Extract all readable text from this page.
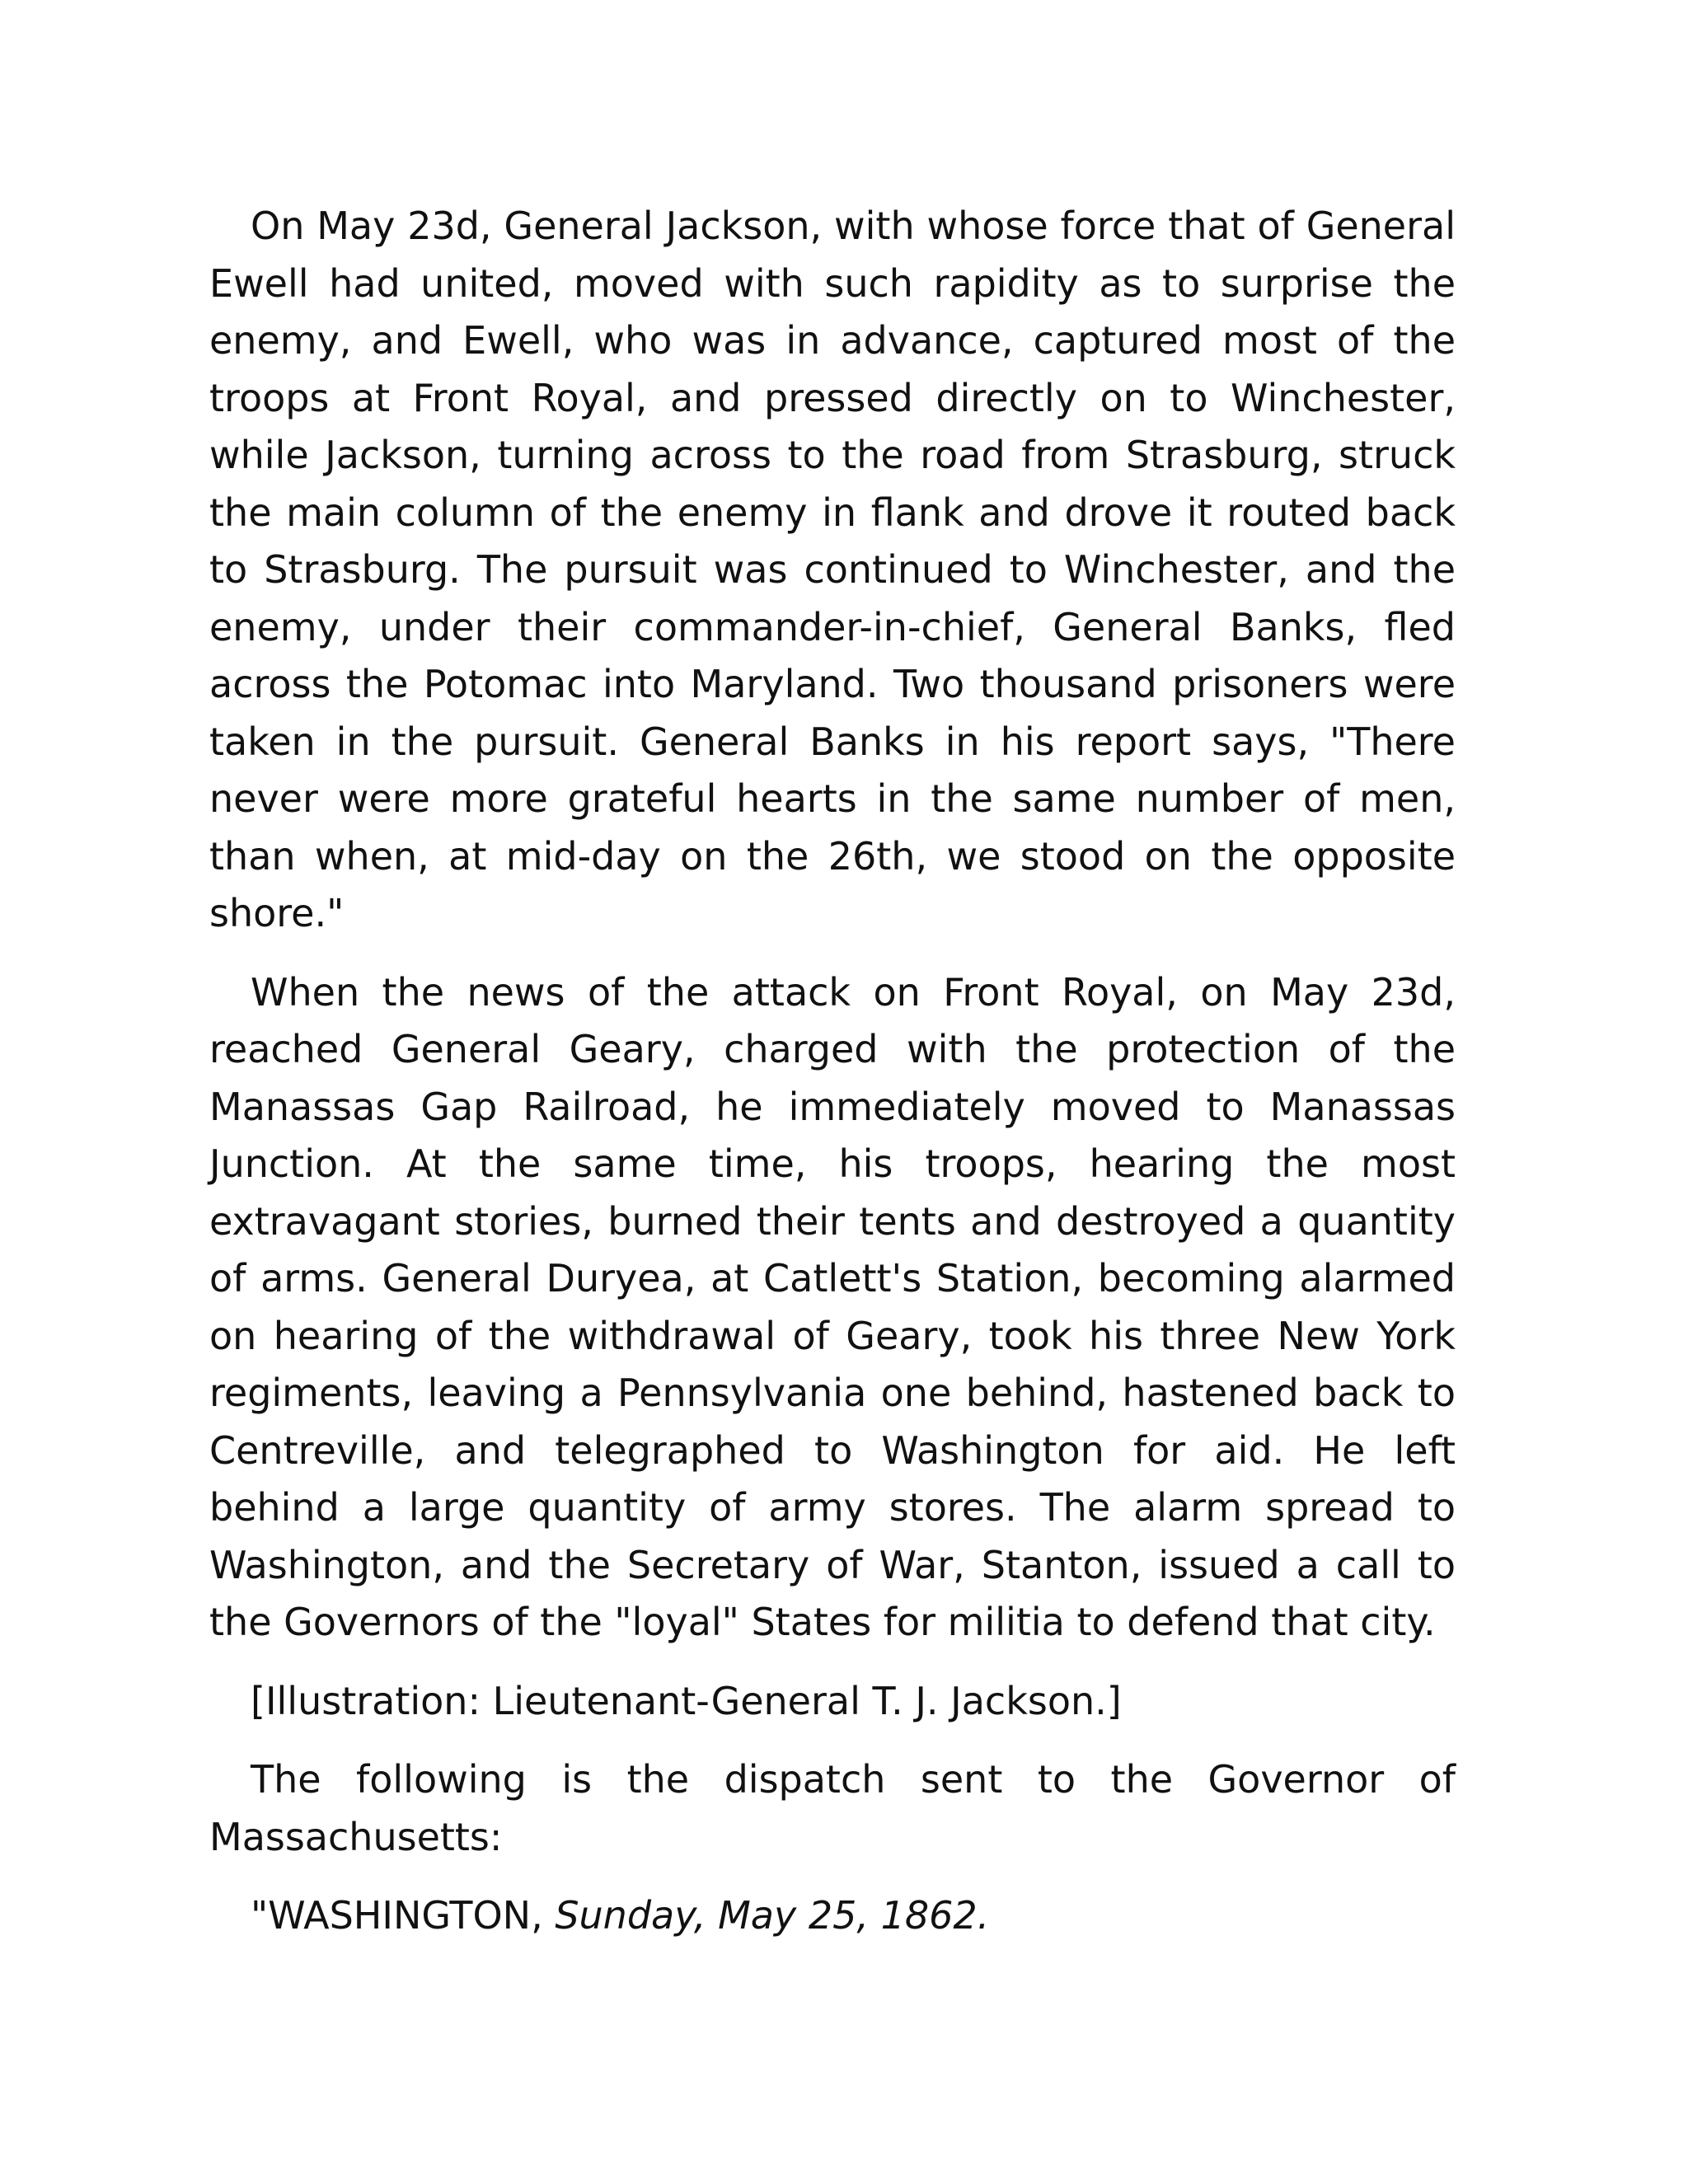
On May 23d, General Jackson, with whose force that of General Ewell had united, moved with such rapidity as to surprise the enemy, and Ewell, who was in advance, captured most of the troops at Front Royal, and pressed directly on to Winchester, while Jackson, turning across to the road from Strasburg, struck the main column of the enemy in flank and drove it routed back to Strasburg. The pursuit was continued to Winchester, and the enemy, under their commander-in-chief, General Banks, fled across the Potomac into Maryland. Two thousand prisoners were taken in the pursuit. General Banks in his report says, "There never were more grateful hearts in the same number of men, than when, at mid-day on the 26th, we stood on the opposite shore."

When the news of the attack on Front Royal, on May 23d, reached General Geary, charged with the protection of the Manassas Gap Railroad, he immediately moved to Manassas Junction. At the same time, his troops, hearing the most extravagant stories, burned their tents and destroyed a quantity of arms. General Duryea, at Catlett's Station, becoming alarmed on hearing of the withdrawal of Geary, took his three New York regiments, leaving a Pennsylvania one behind, hastened back to Centreville, and telegraphed to Washington for aid. He left behind a large quantity of army stores. The alarm spread to Washington, and the Secretary of War, Stanton, issued a call to the Governors of the "loyal" States for militia to defend that city.

[Illustration: Lieutenant-General T. J. Jackson.]

The following is the dispatch sent to the Governor of Massachusetts:

"WASHINGTON, Sunday, May 25, 1862.
